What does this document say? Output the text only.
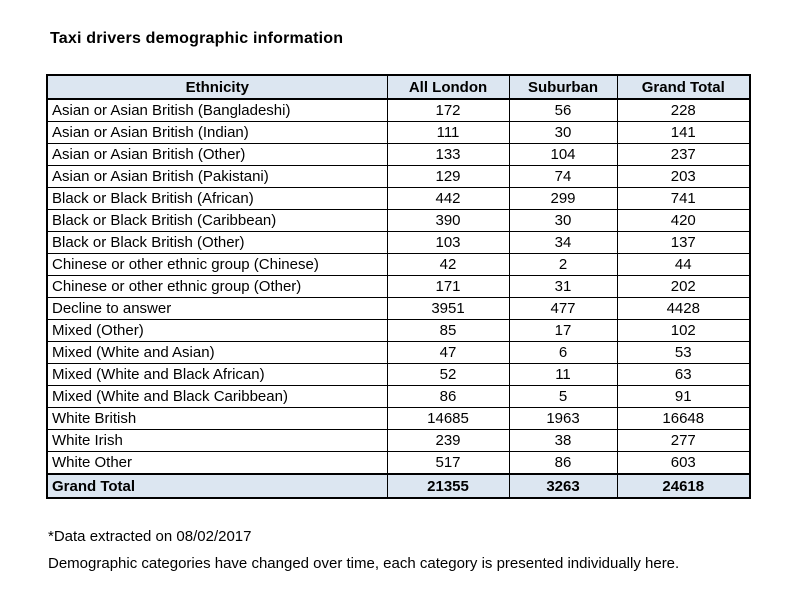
Taxi drivers demographic information
Ethnicity	All London	Suburban	Grand Total
Asian or Asian British (Bangladeshi)	172	56	228
Asian or Asian British (Indian)	111	30	141
Asian or Asian British (Other)	133	104	237
Asian or Asian British (Pakistani)	129	74	203
Black or Black British (African)	442	299	741
Black or Black British (Caribbean)	390	30	420
Black or Black British (Other)	103	34	137
Chinese or other ethnic group (Chinese)	42	2	44
Chinese or other ethnic group (Other)	171	31	202
Decline to answer	3951	477	4428
Mixed (Other)	85	17	102
Mixed (White and Asian)	47	6	53
Mixed (White and Black African)	52	11	63
Mixed (White and Black Caribbean)	86	5	91
White British	14685	1963	16648
White Irish	239	38	277
White Other	517	86	603
Grand Total	21355	3263	24618
*Data extracted on 08/02/2017
Demographic categories have changed over time, each category is presented individually here.
